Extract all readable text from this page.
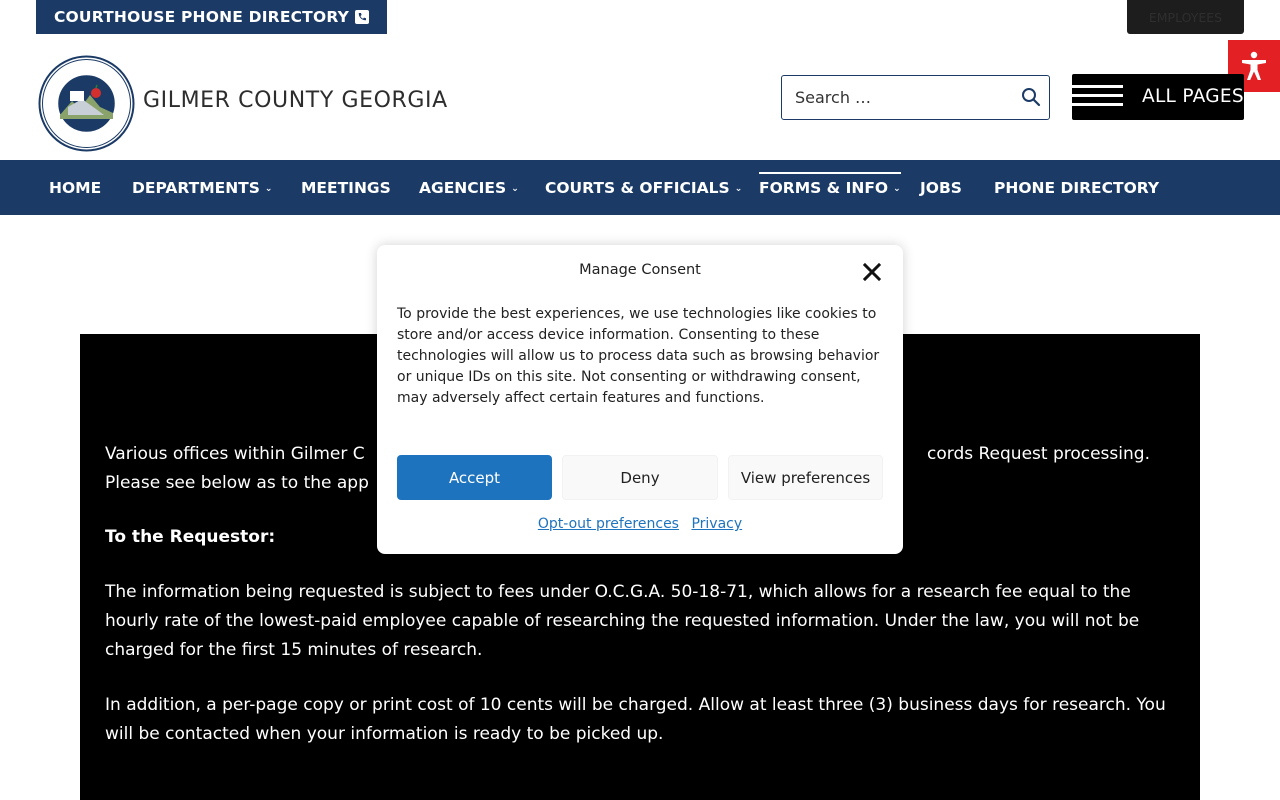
COURTHOUSE PHONE DIRECTORY	EMPLOYEES
GILMER COUNTY GEORGIA
Search …	ALL PAGES
HOME DEPARTMENTS ⌄ MEETINGS AGENCIES ⌄ COURTS & OFFICIALS ⌄ FORMS & INFO ⌄ JOBS PHONE DIRECTORY

Various offices within Gilmer C	cords Request processing.

Please see below as to the app

To the Requestor:

The information being requested is subject to fees under O.C.G.A. 50-18-71, which allows for a research fee equal to the hourly rate of the lowest-paid employee capable of researching the requested information. Under the law, you will not be charged for the first 15 minutes of research.

In addition, a per-page copy or print cost of 10 cents will be charged. Allow at least three (3) business days for research. You will be contacted when your information is ready to be picked up.

Manage Consent
To provide the best experiences, we use technologies like cookies to store and/or access device information. Consenting to these technologies will allow us to process data such as browsing behavior or unique IDs on this site. Not consenting or withdrawing consent, may adversely affect certain features and functions.
Accept	Deny	View preferences
Opt-out preferences Privacy
